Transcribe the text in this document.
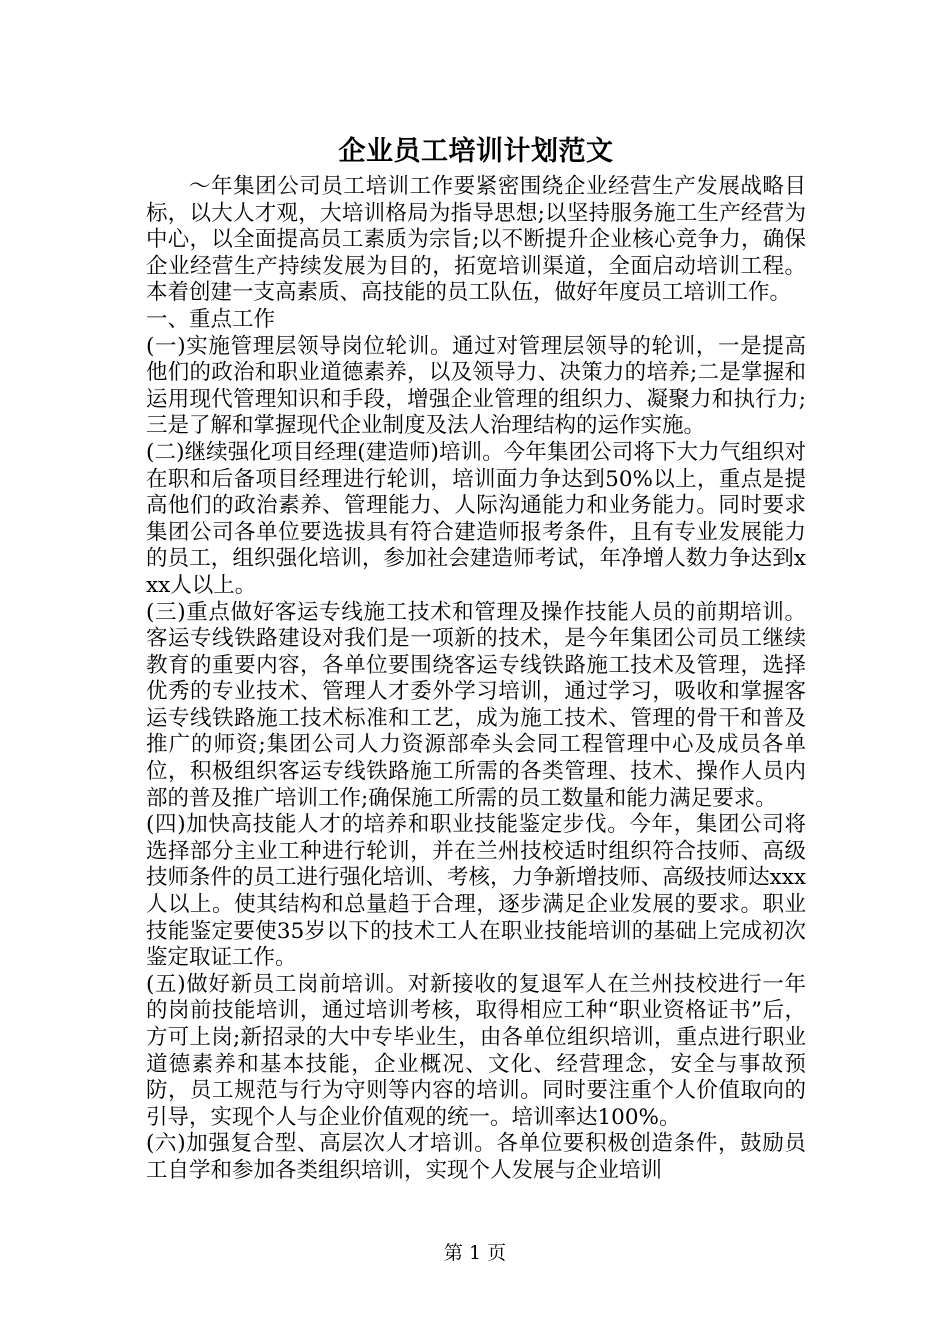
企业员工培训计划范文

～年集团公司员工培训工作要紧密围绕企业经营生产发展战略目标，以大人才观，大培训格局为指导思想;以坚持服务施工生产经营为中心，以全面提高员工素质为宗旨;以不断提升企业核心竞争力，确保企业经营生产持续发展为目的，拓宽培训渠道，全面启动培训工程。本着创建一支高素质、高技能的员工队伍，做好年度员工培训工作。

一、重点工作

(一)实施管理层领导岗位轮训。通过对管理层领导的轮训，一是提高他们的政治和职业道德素养，以及领导力、决策力的培养;二是掌握和运用现代管理知识和手段，增强企业管理的组织力、凝聚力和执行力;三是了解和掌握现代企业制度及法人治理结构的运作实施。

(二)继续强化项目经理(建造师)培训。今年集团公司将下大力气组织对在职和后备项目经理进行轮训，培训面力争达到50%以上，重点是提高他们的政治素养、管理能力、人际沟通能力和业务能力。同时要求集团公司各单位要选拔具有符合建造师报考条件，且有专业发展能力的员工，组织强化培训，参加社会建造师考试，年净增人数力争达到xxx人以上。

(三)重点做好客运专线施工技术和管理及操作技能人员的前期培训。客运专线铁路建设对我们是一项新的技术，是今年集团公司员工继续教育的重要内容，各单位要围绕客运专线铁路施工技术及管理，选择优秀的专业技术、管理人才委外学习培训，通过学习，吸收和掌握客运专线铁路施工技术标准和工艺，成为施工技术、管理的骨干和普及推广的师资;集团公司人力资源部牵头会同工程管理中心及成员各单位，积极组织客运专线铁路施工所需的各类管理、技术、操作人员内部的普及推广培训工作;确保施工所需的员工数量和能力满足要求。

(四)加快高技能人才的培养和职业技能鉴定步伐。今年，集团公司将选择部分主业工种进行轮训，并在兰州技校适时组织符合技师、高级技师条件的员工进行强化培训、考核，力争新增技师、高级技师达xxx人以上。使其结构和总量趋于合理，逐步满足企业发展的要求。职业技能鉴定要使35岁以下的技术工人在职业技能培训的基础上完成初次鉴定取证工作。

(五)做好新员工岗前培训。对新接收的复退军人在兰州技校进行一年的岗前技能培训，通过培训考核，取得相应工种“职业资格证书”后，方可上岗;新招录的大中专毕业生，由各单位组织培训，重点进行职业道德素养和基本技能，企业概况、文化、经营理念，安全与事故预防，员工规范与行为守则等内容的培训。同时要注重个人价值取向的引导，实现个人与企业价值观的统一。培训率达100%。

(六)加强复合型、高层次人才培训。各单位要积极创造条件，鼓励员工自学和参加各类组织培训，实现个人发展与企业培训

第 1 页
